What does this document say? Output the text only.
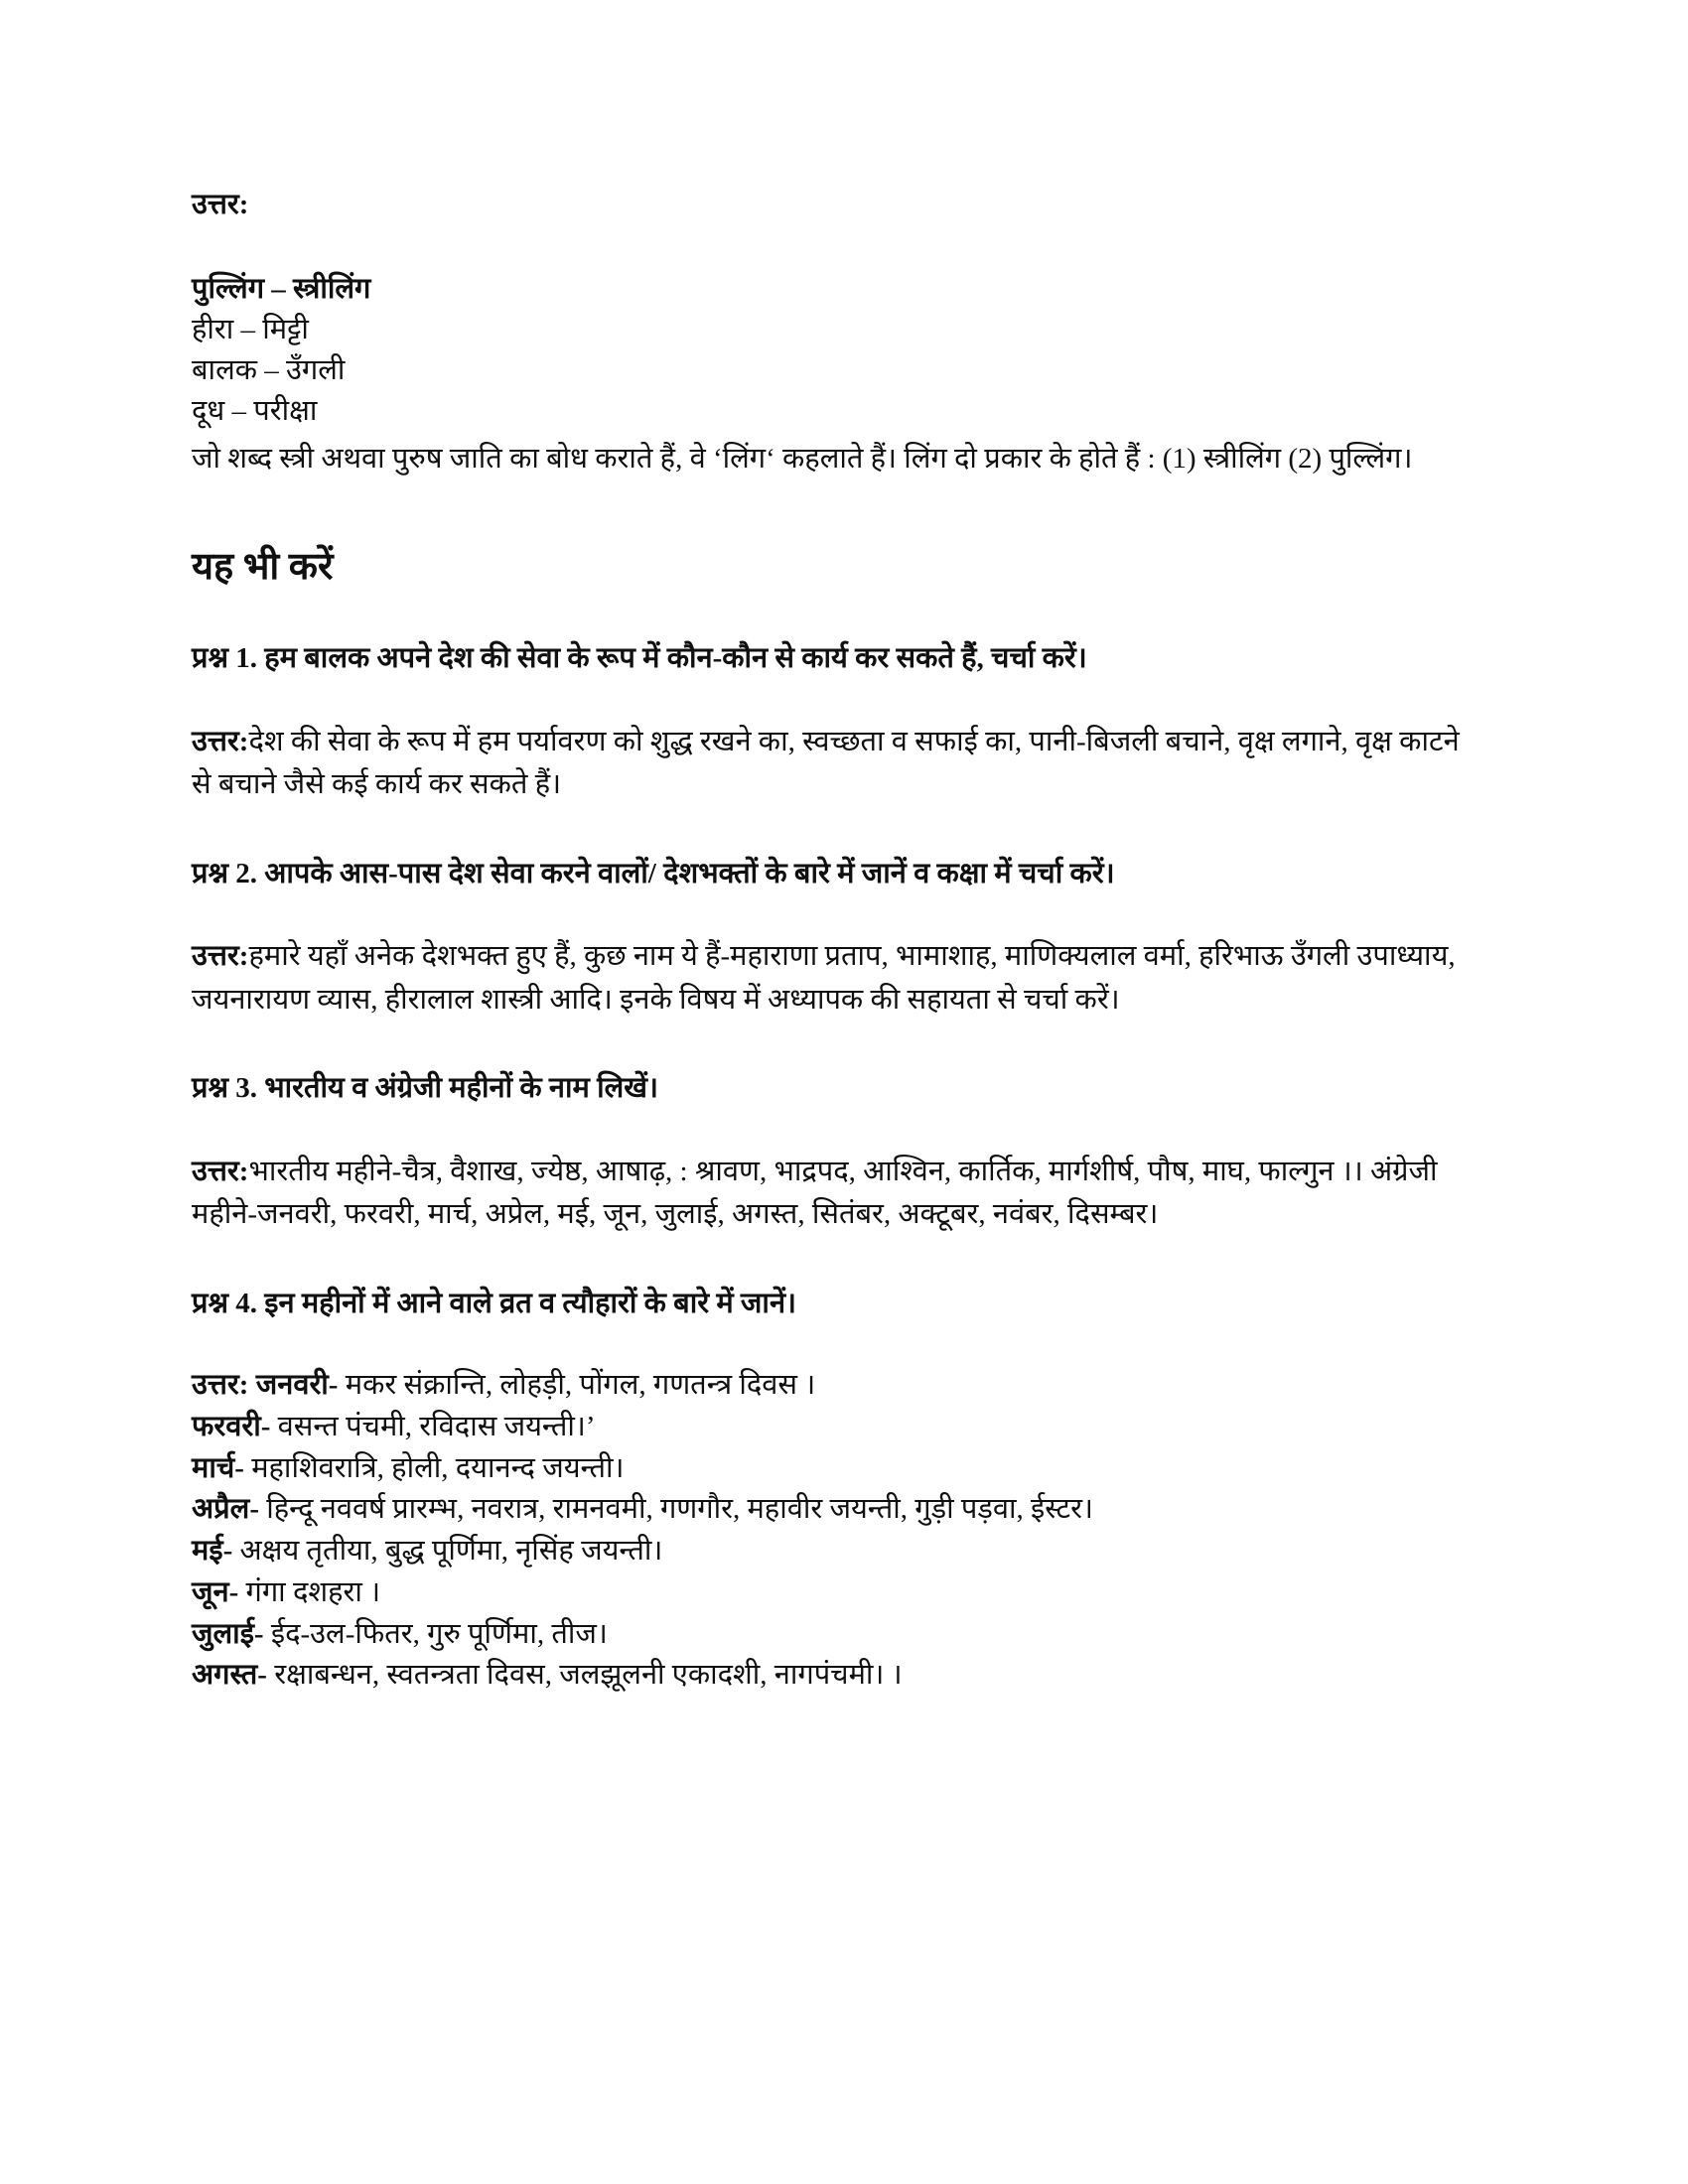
उत्तर:
पुल्लिंग – स्त्रीलिंग
हीरा – मिट्टी
बालक – उँगली
दूध – परीक्षा
जो शब्द स्त्री अथवा पुरुष जाति का बोध कराते हैं, वे ‘लिंग‘ कहलाते हैं। लिंग दो प्रकार के होते हैं : (1) स्त्रीलिंग (2) पुल्लिंग।
यह भी करें
प्रश्न 1. हम बालक अपने देश की सेवा के रूप में कौन-कौन से कार्य कर सकते हैं, चर्चा करें।
उत्तर:देश की सेवा के रूप में हम पर्यावरण को शुद्ध रखने का, स्वच्छता व सफाई का, पानी-बिजली बचाने, वृक्ष लगाने, वृक्ष काटने से बचाने जैसे कई कार्य कर सकते हैं।
प्रश्न 2. आपके आस-पास देश सेवा करने वालों/ देशभक्तों के बारे में जानें व कक्षा में चर्चा करें।
उत्तर:हमारे यहाँ अनेक देशभक्त हुए हैं, कुछ नाम ये हैं-महाराणा प्रताप, भामाशाह, माणिक्यलाल वर्मा, हरिभाऊ उँगली उपाध्याय, जयनारायण व्यास, हीरालाल शास्त्री आदि। इनके विषय में अध्यापक की सहायता से चर्चा करें।
प्रश्न 3. भारतीय व अंग्रेजी महीनों के नाम लिखें।
उत्तर:भारतीय महीने-चैत्र, वैशाख, ज्येष्ठ, आषाढ़, : श्रावण, भाद्रपद, आश्विन, कार्तिक, मार्गशीर्ष, पौष, माघ, फाल्गुन ।। अंग्रेजी महीने-जनवरी, फरवरी, मार्च, अप्रेल, मई, जून, जुलाई, अगस्त, सितंबर, अक्टूबर, नवंबर, दिसम्बर।
प्रश्न 4. इन महीनों में आने वाले व्रत व त्यौहारों के बारे में जानें।
उत्तर: जनवरी- मकर संक्रान्ति, लोहड़ी, पोंगल, गणतन्त्र दिवस ।
फरवरी- वसन्त पंचमी, रविदास जयन्ती।’
मार्च- महाशिवरात्रि, होली, दयानन्द जयन्ती।
अप्रैल- हिन्दू नववर्ष प्रारम्भ, नवरात्र, रामनवमी, गणगौर, महावीर जयन्ती, गुड़ी पड़वा, ईस्टर।
मई- अक्षय तृतीया, बुद्ध पूर्णिमा, नृसिंह जयन्ती।
जून- गंगा दशहरा ।
जुलाई- ईद-उल-फितर, गुरु पूर्णिमा, तीज।
अगस्त- रक्षाबन्धन, स्वतन्त्रता दिवस, जलझूलनी एकादशी, नागपंचमी। ।
